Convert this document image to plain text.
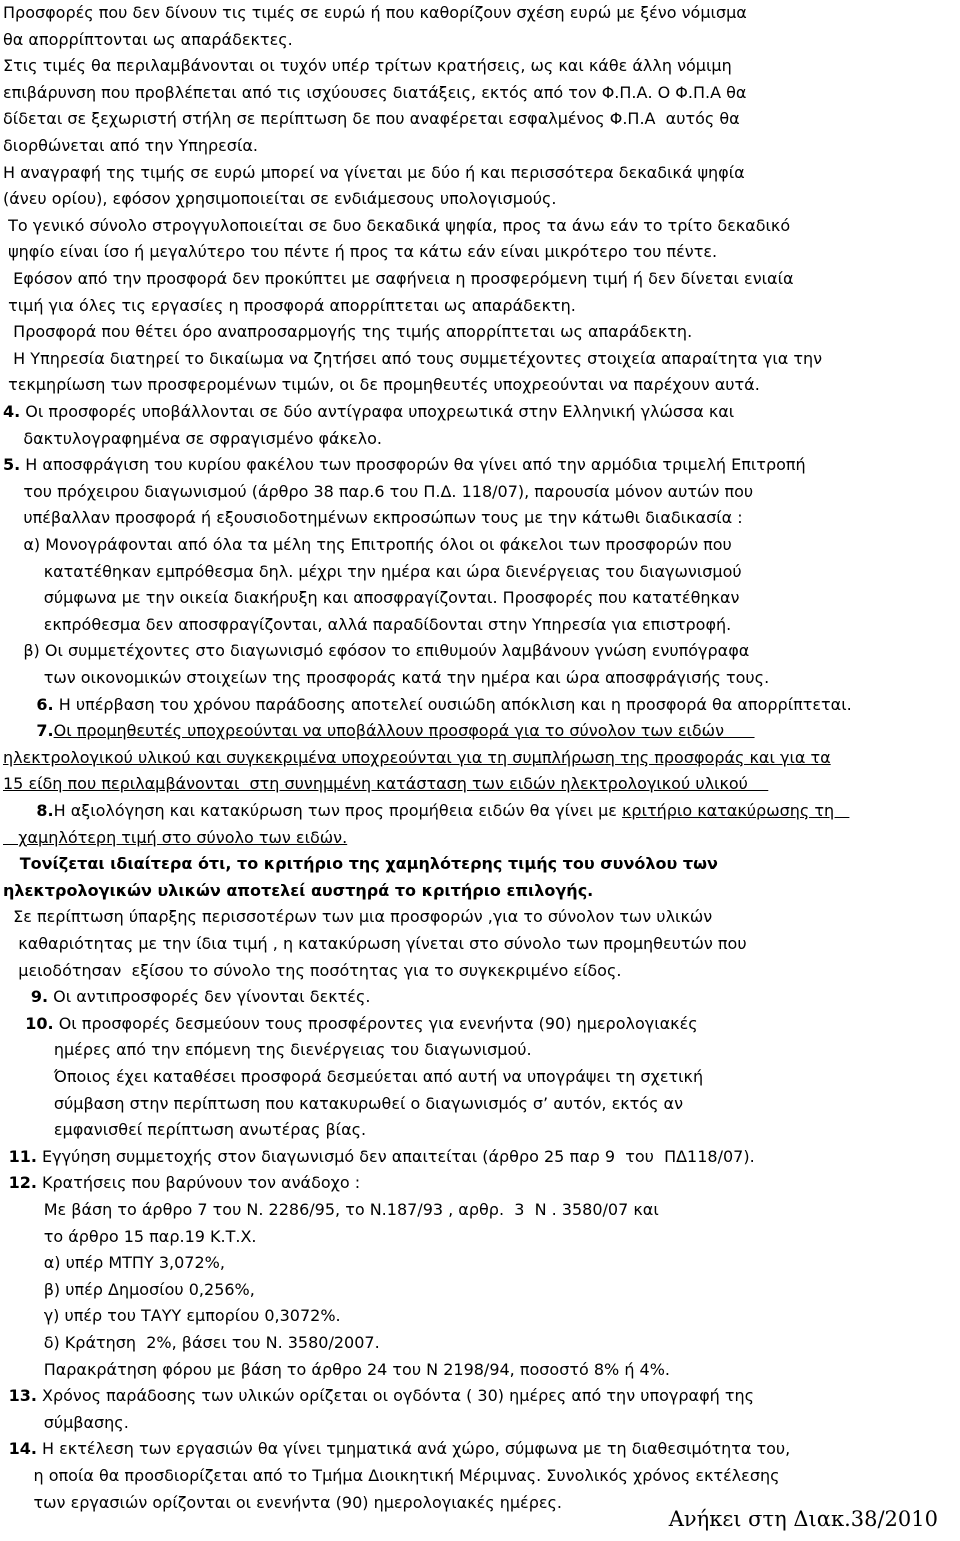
Προσφορές που δεν δίνουν τις τιμές σε ευρώ ή που καθορίζουν σχέση ευρώ με ξένο νόμισμα
θα απορρίπτονται ως απαράδεκτες.
Στις τιμές θα περιλαμβάνονται οι τυχόν υπέρ τρίτων κρατήσεις, ως και κάθε άλλη νόμιμη
επιβάρυνση που προβλέπεται από τις ισχύουσες διατάξεις, εκτός από τον Φ.Π.Α. Ο Φ.Π.Α θα
δίδεται σε ξεχωριστή στήλη σε περίπτωση δε που αναφέρεται εσφαλμένος Φ.Π.Α  αυτός θα
διορθώνεται από την Υπηρεσία.
Η αναγραφή της τιμής σε ευρώ μπορεί να γίνεται με δύο ή και περισσότερα δεκαδικά ψηφία
(άνευ ορίου), εφόσον χρησιμοποιείται σε ενδιάμεσους υπολογισμούς.
Το γενικό σύνολο στρογγυλοποιείται σε δυο δεκαδικά ψηφία, προς τα άνω εάν το τρίτο δεκαδικό
ψηφίο είναι ίσο ή μεγαλύτερο του πέντε ή προς τα κάτω εάν είναι μικρότερο του πέντε.
Εφόσον από την προσφορά δεν προκύπτει με σαφήνεια η προσφερόμενη τιμή ή δεν δίνεται ενιαία
τιμή για όλες τις εργασίες η προσφορά απορρίπτεται ως απαράδεκτη.
Προσφορά που θέτει όρο αναπροσαρμογής της τιμής απορρίπτεται ως απαράδεκτη.
Η Υπηρεσία διατηρεί το δικαίωμα να ζητήσει από τους συμμετέχοντες στοιχεία απαραίτητα για την
τεκμηρίωση των προσφερομένων τιμών, οι δε προμηθευτές υποχρεούνται να παρέχουν αυτά.
4. Οι προσφορές υποβάλλονται σε δύο αντίγραφα υποχρεωτικά στην Ελληνική γλώσσα και
δακτυλογραφημένα σε σφραγισμένο φάκελο.
5. Η αποσφράγιση του κυρίου φακέλου των προσφορών θα γίνει από την αρμόδια τριμελή Επιτροπή
του πρόχειρου διαγωνισμού (άρθρο 38 παρ.6 του Π.Δ. 118/07), παρουσία μόνον αυτών που
υπέβαλλαν προσφορά ή εξουσιοδοτημένων εκπροσώπων τους με την κάτωθι διαδικασία :
α) Μονογράφονται από όλα τα μέλη της Επιτροπής όλοι οι φάκελοι των προσφορών που
κατατέθηκαν εμπρόθεσμα δηλ. μέχρι την ημέρα και ώρα διενέργειας του διαγωνισμού
σύμφωνα με την οικεία διακήρυξη και αποσφραγίζονται. Προσφορές που κατατέθηκαν
εκπρόθεσμα δεν αποσφραγίζονται, αλλά παραδίδονται στην Υπηρεσία για επιστροφή.
β) Οι συμμετέχοντες στο διαγωνισμό εφόσον το επιθυμούν λαμβάνουν γνώση ενυπόγραφα
των οικονομικών στοιχείων της προσφοράς κατά την ημέρα και ώρα αποσφράγισής τους.
6. Η υπέρβαση του χρόνου παράδοσης αποτελεί ουσιώδη απόκλιση και η προσφορά θα απορρίπτεται.
7.Οι προμηθευτές υποχρεούνται να υποβάλλουν προσφορά για το σύνολον των ειδών
ηλεκτρολογικού υλικού και συγκεκριμένα υποχρεούνται για τη συμπλήρωση της προσφοράς και για τα
15 είδη που περιλαμβάνονται  στη συνημμένη κατάσταση των ειδών ηλεκτρολογικού υλικού
8.Η αξιολόγηση και κατακύρωση των προς προμήθεια ειδών θα γίνει με κριτήριο κατακύρωσης τη
χαμηλότερη τιμή στο σύνολο των ειδών.
Τονίζεται ιδιαίτερα ότι, το κριτήριο της χαμηλότερης τιμής του συνόλου των
ηλεκτρολογικών υλικών αποτελεί αυστηρά το κριτήριο επιλογής.
Σε περίπτωση ύπαρξης περισσοτέρων των μια προσφορών ,για το σύνολον των υλικών
καθαριότητας με την ίδια τιμή , η κατακύρωση γίνεται στο σύνολο των προμηθευτών που
μειοδότησαν  εξίσου το σύνολο της ποσότητας για το συγκεκριμένο είδος.
9. Οι αντιπροσφορές δεν γίνονται δεκτές.
10. Οι προσφορές δεσμεύουν τους προσφέροντες για ενενήντα (90) ημερολογιακές
ημέρες από την επόμενη της διενέργειας του διαγωνισμού.
Όποιος έχει καταθέσει προσφορά δεσμεύεται από αυτή να υπογράψει τη σχετική
σύμβαση στην περίπτωση που κατακυρωθεί ο διαγωνισμός σ’ αυτόν, εκτός αν
εμφανισθεί περίπτωση ανωτέρας βίας.
11. Εγγύηση συμμετοχής στον διαγωνισμό δεν απαιτείται (άρθρο 25 παρ 9  του  ΠΔ118/07).
12. Κρατήσεις που βαρύνουν τον ανάδοχο :
Με βάση το άρθρο 7 του Ν. 2286/95, το Ν.187/93 , αρθρ.  3  Ν . 3580/07 και
το άρθρο 15 παρ.19 Κ.Τ.Χ.
α) υπέρ ΜΤΠΥ 3,072%,
β) υπέρ Δημοσίου 0,256%,
γ) υπέρ του ΤΑΥΥ εμπορίου 0,3072%.
δ) Κράτηση  2%, βάσει του Ν. 3580/2007.
Παρακράτηση φόρου με βάση το άρθρο 24 του Ν 2198/94, ποσοστό 8% ή 4%.
13. Χρόνος παράδοσης των υλικών ορίζεται οι ογδόντα ( 30) ημέρες από την υπογραφή της
σύμβασης.
14. Η εκτέλεση των εργασιών θα γίνει τμηματικά ανά χώρο, σύμφωνα με τη διαθεσιμότητα του,
η οποία θα προσδιορίζεται από το Τμήμα Διοικητική Μέριμνας. Συνολικός χρόνος εκτέλεσης
των εργασιών ορίζονται οι ενενήντα (90) ημερολογιακές ημέρες.
Ανήκει στη Διακ.38/2010
